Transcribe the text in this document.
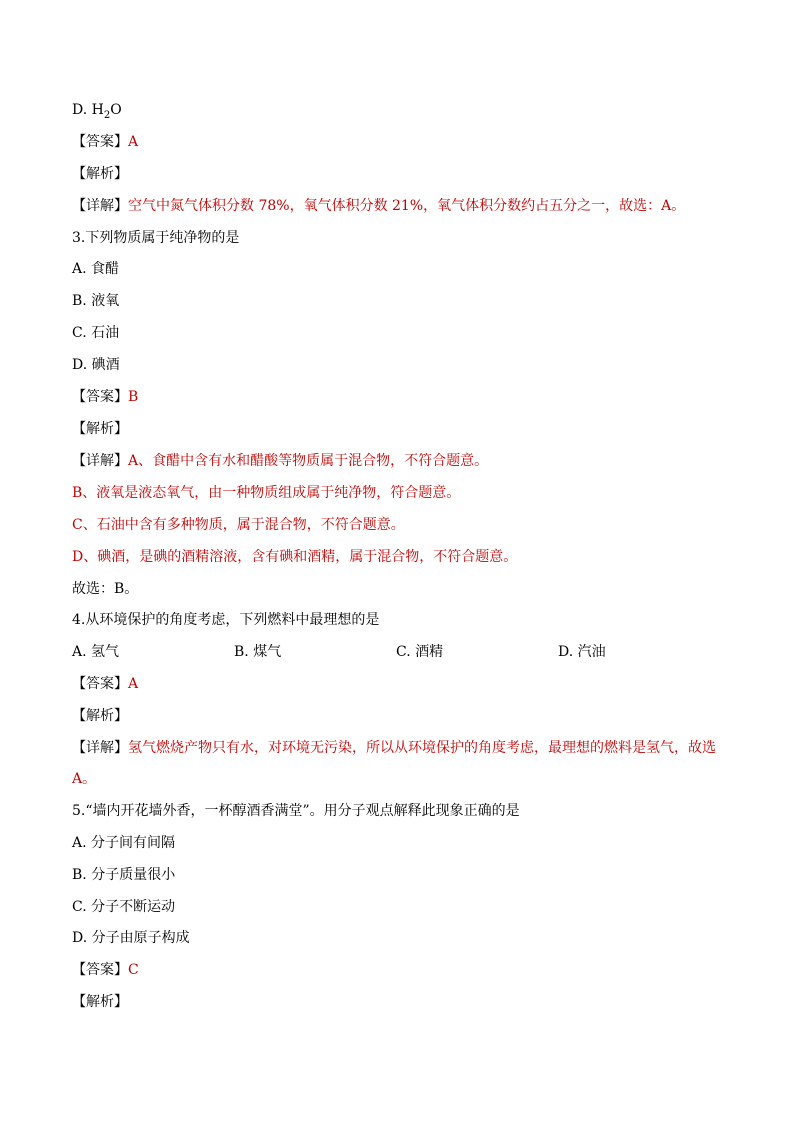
D. $H_2O$
【答案】A
【解析】
【详解】空气中氮气体积分数 78%，氧气体积分数 21%，氧气体积分数约占五分之一，故选：A。
3.下列物质属于纯净物的是
A. 食醋
B. 液氧
C. 石油
D. 碘酒
【答案】B
【解析】
【详解】A、食醋中含有水和醋酸等物质属于混合物，不符合题意。
B、液氧是液态氧气，由一种物质组成属于纯净物，符合题意。
C、石油中含有多种物质，属于混合物，不符合题意。
D、碘酒，是碘的酒精溶液，含有碘和酒精，属于混合物，不符合题意。
故选：B。
4.从环境保护的角度考虑，下列燃料中最理想的是
A. 氢气	B. 煤气	C. 酒精	D. 汽油
【答案】A
【解析】
【详解】氢气燃烧产物只有水，对环境无污染，所以从环境保护的角度考虑，最理想的燃料是氢气，故选
A。
5.“墙内开花墙外香，一杯醇酒香满堂”。用分子观点解释此现象正确的是
A. 分子间有间隔
B. 分子质量很小
C. 分子不断运动
D. 分子由原子构成
【答案】C
【解析】
